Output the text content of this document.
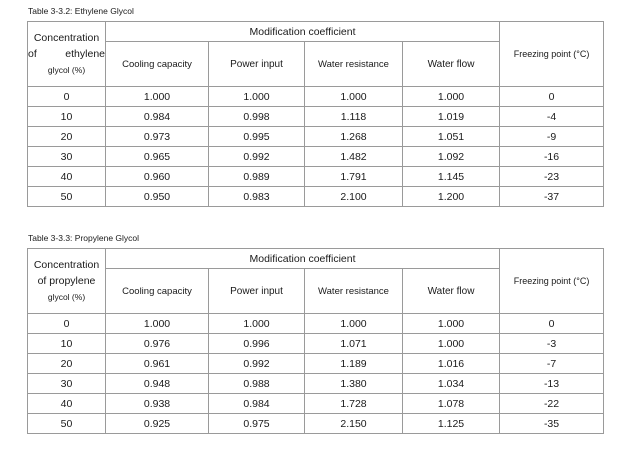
Table 3-3.2: Ethylene Glycol
Concentration
of ethylene
glycol (%)	Modification coefficient				Freezing point (°C)
	Cooling capacity	Power input	Water resistance	Water flow	
0	1.000	1.000	1.000	1.000	0
10	0.984	0.998	1.118	1.019	-4
20	0.973	0.995	1.268	1.051	-9
30	0.965	0.992	1.482	1.092	-16
40	0.960	0.989	1.791	1.145	-23
50	0.950	0.983	2.100	1.200	-37
Table 3-3.3: Propylene Glycol
Concentration
of propylene
glycol (%)	Modification coefficient				Freezing point (°C)
	Cooling capacity	Power input	Water resistance	Water flow	
0	1.000	1.000	1.000	1.000	0
10	0.976	0.996	1.071	1.000	-3
20	0.961	0.992	1.189	1.016	-7
30	0.948	0.988	1.380	1.034	-13
40	0.938	0.984	1.728	1.078	-22
50	0.925	0.975	2.150	1.125	-35
